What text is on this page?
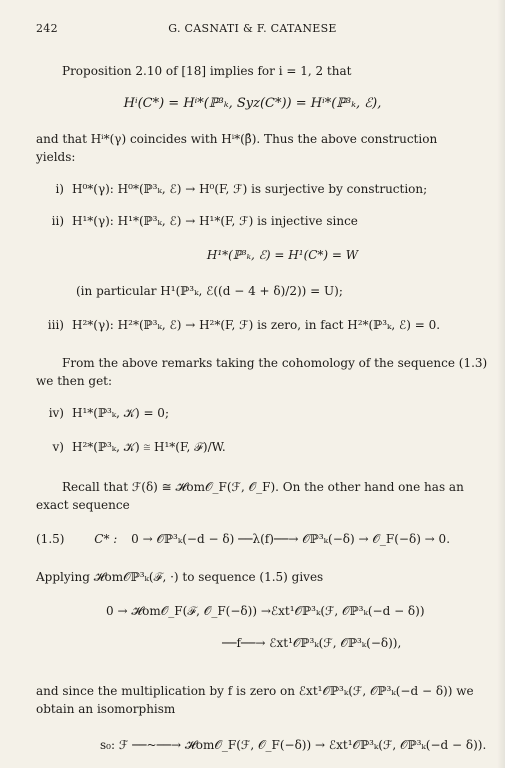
242	G. CASNATI & F. CATANESE
Proposition 2.10 of [18] implies for i = 1, 2 that
Hⁱ(C*) = Hⁱ*(ℙ³ₖ, Syz(C*)) = Hⁱ*(ℙ³ₖ, ℰ),
and that Hⁱ*(γ) coincides with Hⁱ*(β̂). Thus the above construction
yields:
i) H⁰*(γ): H⁰*(ℙ³ₖ, ℰ) → H⁰(F, ℱ) is surjective by construction;
ii) H¹*(γ): H¹*(ℙ³ₖ, ℰ) → H¹*(F, ℱ) is injective since
H¹*(ℙ³ₖ, ℰ) = H¹(C*) = W
(in particular H¹(ℙ³ₖ, ℰ((d − 4 + δ)/2)) = U);
iii) H²*(γ): H²*(ℙ³ₖ, ℰ) → H²*(F, ℱ) is zero, in fact H²*(ℙ³ₖ, ℰ) = 0.
From the above remarks taking the cohomology of the sequence (1.3)
we then get:
iv) H¹*(ℙ³ₖ, 𝒦) = 0;
v) H²*(ℙ³ₖ, 𝒦) ≅ H¹*(F, ℱ)/W.
Recall that ℱ(δ) ≅ 𝓗om𝒪_F(ℱ, 𝒪_F). On the other hand one has an
exact sequence
(1.5) C* : 0 → 𝒪ℙ³ₖ(−d − δ) ──λ(f)──→ 𝒪ℙ³ₖ(−δ) → 𝒪_F(−δ) → 0.
Applying 𝓗om𝒪ℙ³ₖ(ℱ, ·) to sequence (1.5) gives
0 → 𝓗om𝒪_F(ℱ, 𝒪_F(−δ)) →ℰxt¹𝒪ℙ³ₖ(ℱ, 𝒪ℙ³ₖ(−d − δ))
──f──→ ℰxt¹𝒪ℙ³ₖ(ℱ, 𝒪ℙ³ₖ(−δ)),
and since the multiplication by f is zero on ℰxt¹𝒪ℙ³ₖ(ℱ, 𝒪ℙ³ₖ(−d − δ)) we
obtain an isomorphism
s₀: ℱ ──~──→ 𝓗om𝒪_F(ℱ, 𝒪_F(−δ)) → ℰxt¹𝒪ℙ³ₖ(ℱ, 𝒪ℙ³ₖ(−d − δ)).
